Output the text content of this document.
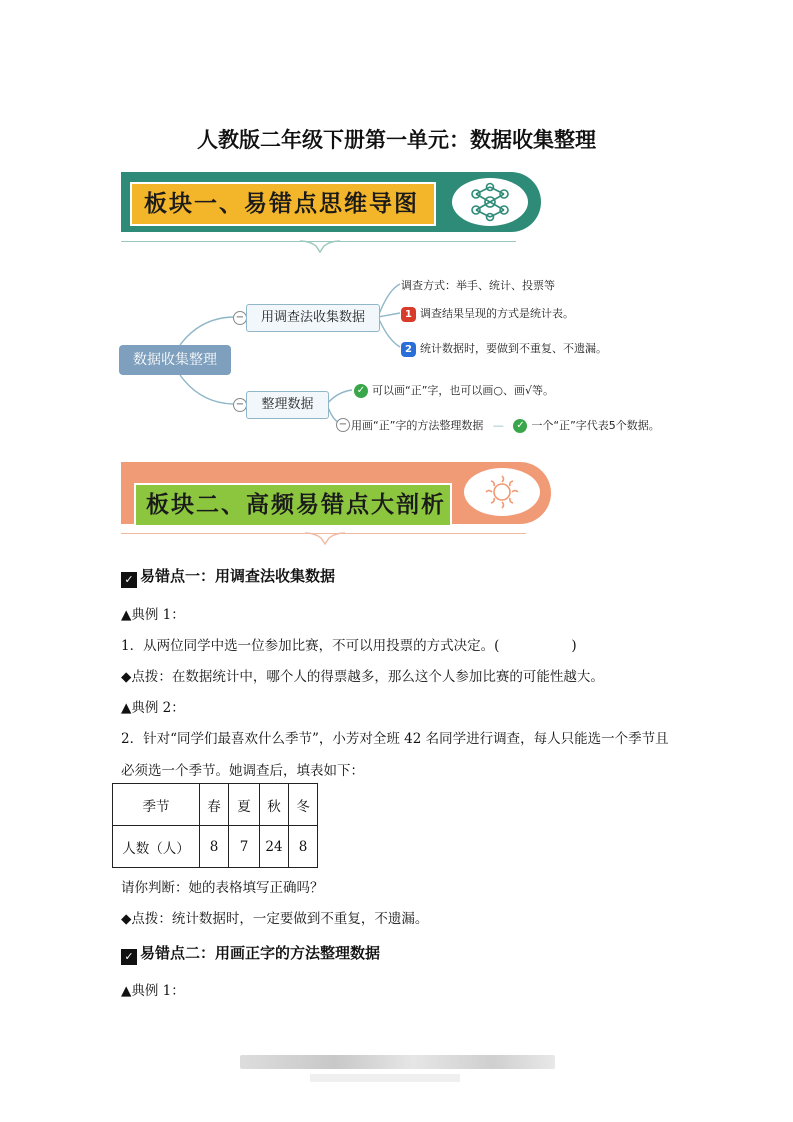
人教版二年级下册第一单元：数据收集整理
板块一、易错点思维导图
数据收集整理
−	用调查法收集数据
调查方式：举手、统计、投票等
1 调查结果呈现的方式是统计表。
2 统计数据时，要做到不重复、不遗漏。
−	整理数据
✓ 可以画“正”字，也可以画○、画√等。
− 用画“正”字的方法整理数据 — ✓ 一个“正”字代表5个数据。
板块二、高频易错点大剖析
✓ 易错点一：用调查法收集数据
▲典例 1：
1．从两位同学中选一位参加比赛，不可以用投票的方式决定。(	)
◆点拨：在数据统计中，哪个人的得票越多，那么这个人参加比赛的可能性越大。
▲典例 2：
2．针对“同学们最喜欢什么季节”，小芳对全班 42 名同学进行调查，每人只能选一个季节且
必须选一个季节。她调查后，填表如下：
季节	春	夏	秋	冬
人数（人）	8	7	24	8
请你判断：她的表格填写正确吗？
◆点拨：统计数据时，一定要做到不重复，不遗漏。
✓ 易错点二：用画正字的方法整理数据
▲典例 1：
